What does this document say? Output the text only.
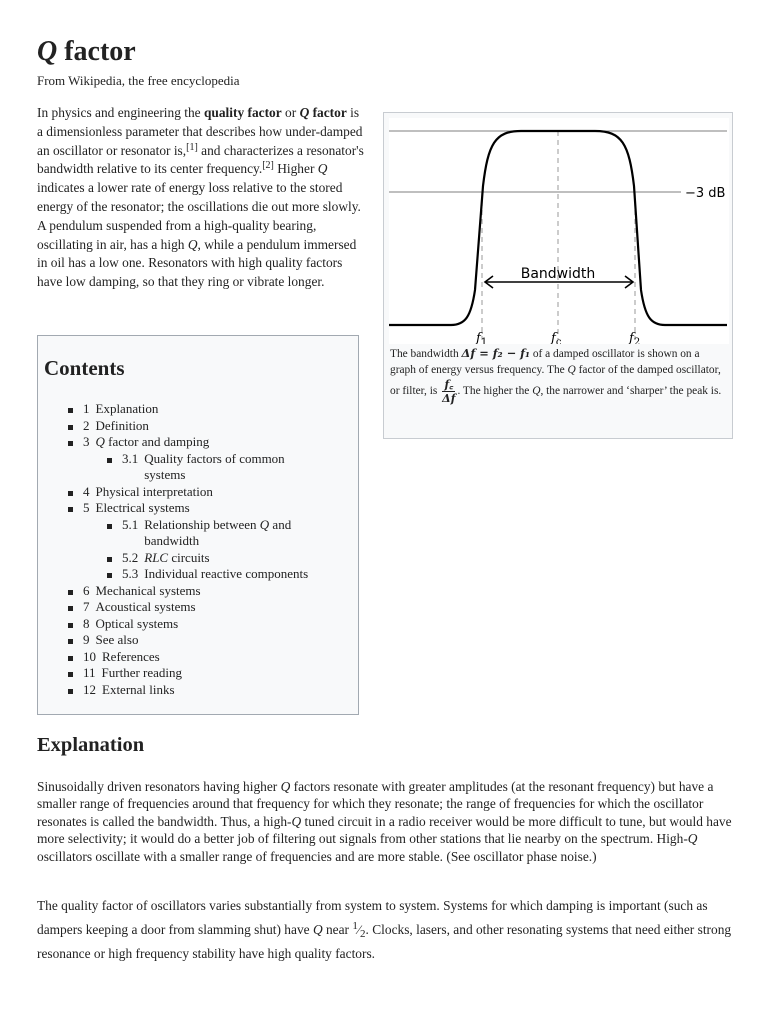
Q factor
From Wikipedia, the free encyclopedia

In physics and engineering the quality factor or Q factor is a dimensionless parameter that describes how under-damped an oscillator or resonator is,[1] and characterizes a resonator's bandwidth relative to its center frequency.[2] Higher Q indicates a lower rate of energy loss relative to the stored energy of the resonator; the oscillations die out more slowly. A pendulum suspended from a high-quality bearing, oscillating in air, has a high Q, while a pendulum immersed in oil has a low one. Resonators with high quality factors have low damping, so that they ring or vibrate longer.

Contents
1 Explanation
2 Definition
3 Q factor and damping
3.1 Quality factors of common systems
4 Physical interpretation
5 Electrical systems
5.1 Relationship between Q and bandwidth
5.2 RLC circuits
5.3 Individual reactive components
6 Mechanical systems
7 Acoustical systems
8 Optical systems
9 See also
10 References
11 Further reading
12 External links
Bandwidth
−3 dB
$f_1$	$f_c$	$f_2$

The bandwidth Δf = f₂ − f₁ of a damped oscillator is shown on a graph of energy versus frequency. The Q factor of the damped oscillator, or filter, is $\frac{f꜀}{\Delta f}$ . The higher the Q, the narrower and ‘sharper’ the peak is.

Explanation

Sinusoidally driven resonators having higher Q factors resonate with greater amplitudes (at the resonant frequency) but have a smaller range of frequencies around that frequency for which they resonate; the range of frequencies for which the oscillator resonates is called the bandwidth. Thus, a high-Q tuned circuit in a radio receiver would be more difficult to tune, but would have more selectivity; it would do a better job of filtering out signals from other stations that lie nearby on the spectrum. High-Q oscillators oscillate with a smaller range of frequencies and are more stable. (See oscillator phase noise.)

The quality factor of oscillators varies substantially from system to system. Systems for which damping is important (such as dampers keeping a door from slamming shut) have Q near $^1⁄_2$. Clocks, lasers, and other resonating systems that need either strong resonance or high frequency stability have high quality factors.
